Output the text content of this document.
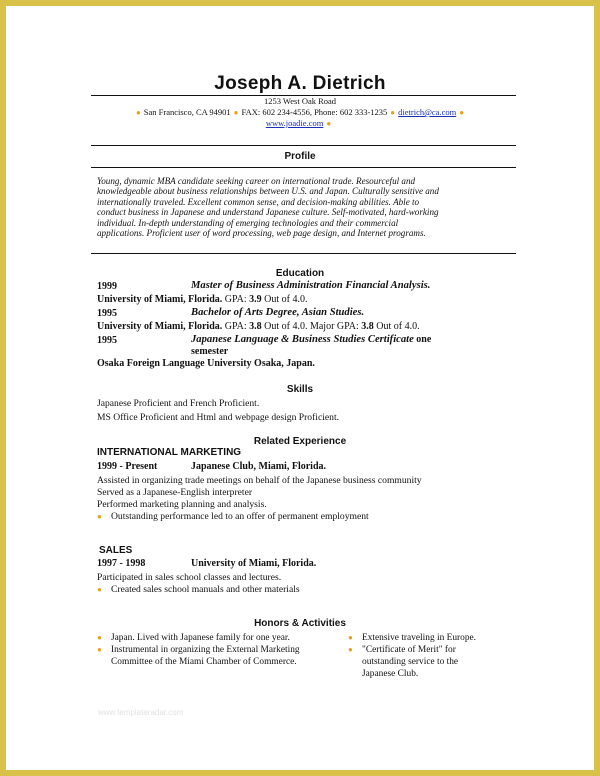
Joseph A. Dietrich
1253 West Oak Road
● San Francisco, CA 94901 ● FAX: 602 234-4556, Phone: 602 333-1235 ● dietrich@ca.com ●
www.joadie.com ●
Profile
Young, dynamic MBA candidate seeking career on international trade. Resourceful and
knowledgeable about business relationships between U.S. and Japan. Culturally sensitive and
internationally traveled. Excellent common sense, and decision-making abilities. Able to
conduct business in Japanese and understand Japanese culture. Self-motivated, hard-working
individual. In-depth understanding of emerging technologies and their commercial
applications. Proficient user of word processing, web page design, and Internet programs.
Education
1999	Master of Business Administration Financial Analysis.
University of Miami, Florida. GPA: 3.9 Out of 4.0.
1995	Bachelor of Arts Degree, Asian Studies.
University of Miami, Florida. GPA: 3.8 Out of 4.0. Major GPA: 3.8 Out of 4.0.
1995	Japanese Language & Business Studies Certificate one
semester
Osaka Foreign Language University Osaka, Japan.
Skills
Japanese Proficient and French Proficient.
MS Office Proficient and Html and webpage design Proficient.
Related Experience
INTERNATIONAL MARKETING
1999 - Present	Japanese Club, Miami, Florida.
Assisted in organizing trade meetings on behalf of the Japanese business community
Served as a Japanese-English interpreter
Performed marketing planning and analysis.
● Outstanding performance led to an offer of permanent employment
SALES
1997 - 1998	University of Miami, Florida.
Participated in sales school classes and lectures.
● Created sales school manuals and other materials
Honors & Activities
● Japan. Lived with Japanese family for one year.
● Instrumental in organizing the External Marketing
Committee of the Miami Chamber of Commerce.
● Extensive traveling in Europe.
● "Certificate of Merit" for
outstanding service to the
Japanese Club.
www.templateradar.com
